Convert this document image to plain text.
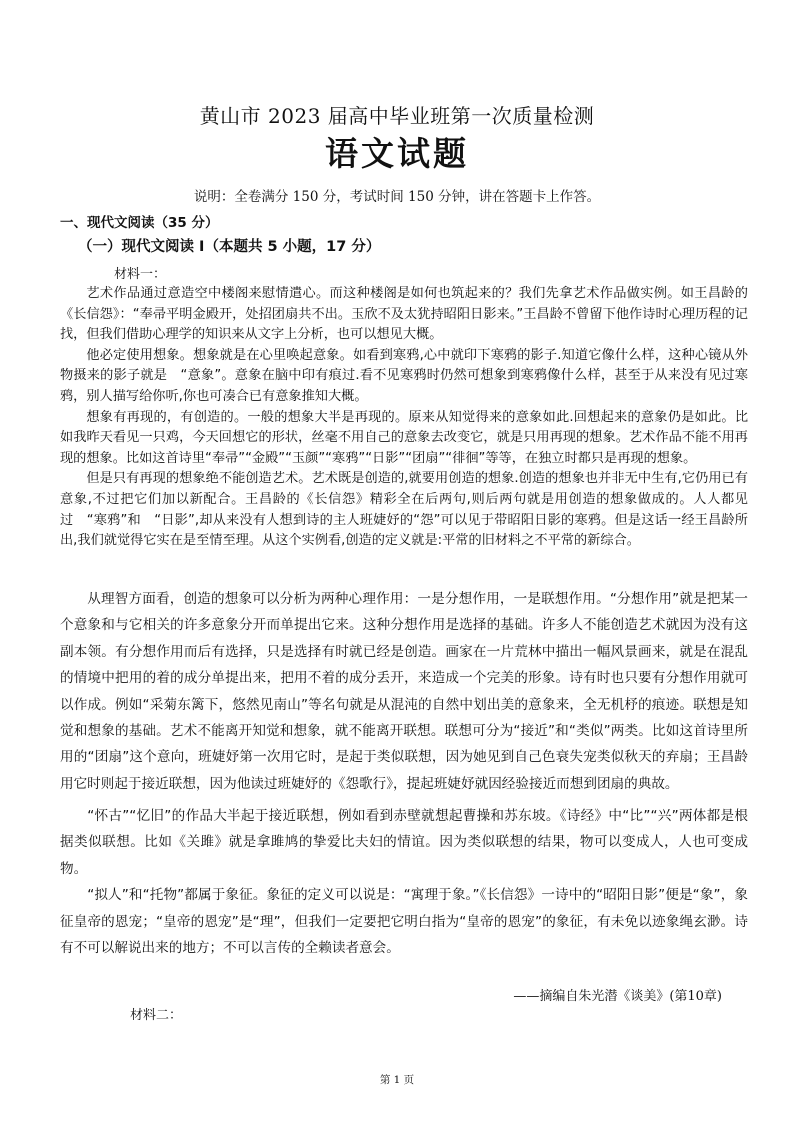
黄山市 2023 届高中毕业班第一次质量检测
语文试题
说明：全卷满分 150 分，考试时间 150 分钟，讲在答题卡上作答。
一、现代文阅读（35 分）
（一）现代文阅读 I（本题共 5 小题，17 分）
材料一：

艺术作品通过意造空中楼阁来慰情遣心。而这种楼阁是如何也筑起来的？我们先拿艺术作品做实例。如王昌龄的《长信怨》：“奉帚平明金殿开，处招团扇共不出。玉欣不及太犹持昭阳日影来。”王昌龄不曾留下他作诗时心理历程的记找，但我们借助心理学的知识来从文字上分析，也可以想见大概。

他必定使用想象。想象就是在心里唤起意象。如看到寒鸦,心中就印下寒鸦的影子.知道它像什么样，这种心镜从外物摄来的影子就是　“意象”。意象在脑中印有痕过.看不见寒鸦时仍然可想象到寒鸦像什么样，甚至于从来没有见过寒鸦，别人描写给你听,你也可凑合已有意象推知大概。

想象有再现的，有创造的。一般的想象大半是再现的。原来从知觉得来的意象如此.回想起来的意象仍是如此。比如我昨天看见一只鸡，今天回想它的形状，丝毫不用自己的意象去改变它，就是只用再现的想象。艺术作品不能不用再现的想象。比如这首诗里“奉帚”“金殿”“玉颜”“寒鸦”“日影”“团扇”“徘徊”等等，在独立时都只是再现的想象。

但是只有再现的想象绝不能创造艺术。艺术既是创造的,就要用创造的想象.创造的想象也并非无中生有,它仍用已有意象,不过把它们加以新配合。王昌龄的《长信怨》精彩全在后两句,则后两句就是用创造的想象做成的。人人都见过　“寒鸦”和　“日影”,却从来没有人想到诗的主人班婕妤的“怨”可以见于带昭阳日影的寒鸦。但是这话一经王昌龄所出,我们就觉得它实在是至情至理。从这个实例看,创造的定义就是:平常的旧材料之不平常的新综合。

从理智方面看，创造的想象可以分析为两种心理作用：一是分想作用，一是联想作用。“分想作用”就是把某一个意象和与它相关的许多意象分开而单提出它来。这种分想作用是选择的基础。许多人不能创造艺术就因为没有这副本领。有分想作用而后有选择，只是选择有时就已经是创造。画家在一片荒林中描出一幅风景画来，就是在混乱的情境中把用的着的成分单提出来，把用不着的成分丢开，来造成一个完美的形象。诗有时也只要有分想作用就可以作成。例如“采菊东篱下，悠然见南山”等名句就是从混沌的自然中划出美的意象来，全无机杼的痕迹。联想是知觉和想象的基础。艺术不能离开知觉和想象，就不能离开联想。联想可分为“接近”和“类似”两类。比如这首诗里所用的“团扇”这个意向，班婕妤第一次用它时，是起于类似联想，因为她见到自己色衰失宠类似秋天的弃扇；王昌龄用它时则起于接近联想，因为他读过班婕妤的《怨歌行》，提起班婕妤就因经验接近而想到团扇的典故。

“怀古”“忆旧”的作品大半起于接近联想，例如看到赤壁就想起曹操和苏东坡。《诗经》中“比”“兴”两体都是根据类似联想。比如《关雎》就是拿雎鸠的挚爱比夫妇的情谊。因为类似联想的结果，物可以变成人，人也可变成物。

“拟人”和“托物”都属于象征。象征的定义可以说是：“寓理于象。”《长信怨》一诗中的“昭阳日影”便是“象”，象征皇帝的恩宠；“皇帝的恩宠”是“理”，但我们一定要把它明白指为“皇帝的恩宠”的象征，有未免以迹象绳玄渺。诗有不可以解说出来的地方；不可以言传的全赖读者意会。

——摘编自朱光潜《谈美》(第10章)
材料二：
第 1 页
